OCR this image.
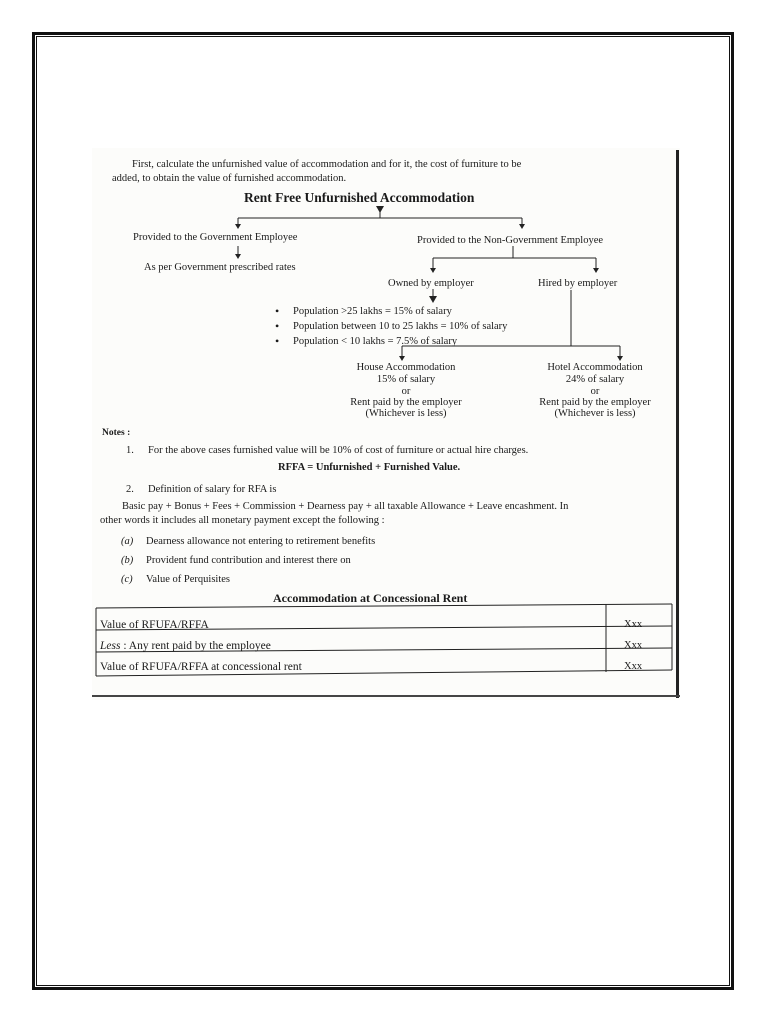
First, calculate the unfurnished value of accommodation and for it, the cost of furniture to be
added, to obtain the value of furnished accommodation.
Rent Free Unfurnished Accommodation
Provided to the Government Employee
As per Government prescribed rates
Provided to the Non-Government Employee
Owned by employer	Hired by employer
• Population >25 lakhs = 15% of salary
• Population between 10 to 25 lakhs = 10% of salary
• Population < 10 lakhs = 7.5% of salary
House Accommodation
15% of salary
or
Rent paid by the employer
(Whichever is less)
Hotel Accommodation
24% of salary
or
Rent paid by the employer
(Whichever is less)
Notes :
1. For the above cases furnished value will be 10% of cost of furniture or actual hire charges.
RFFA = Unfurnished + Furnished Value.
2. Definition of salary for RFA is
Basic pay + Bonus + Fees + Commission + Dearness pay + all taxable Allowance + Leave encashment. In
other words it includes all monetary payment except the following :
(a) Dearness allowance not entering to retirement benefits
(b) Provident fund contribution and interest there on
(c) Value of Perquisites
Accommodation at Concessional Rent
Value of RFUFA/RFFA	Xxx
Less : Any rent paid by the employee	Xxx
Value of RFUFA/RFFA at concessional rent	Xxx
